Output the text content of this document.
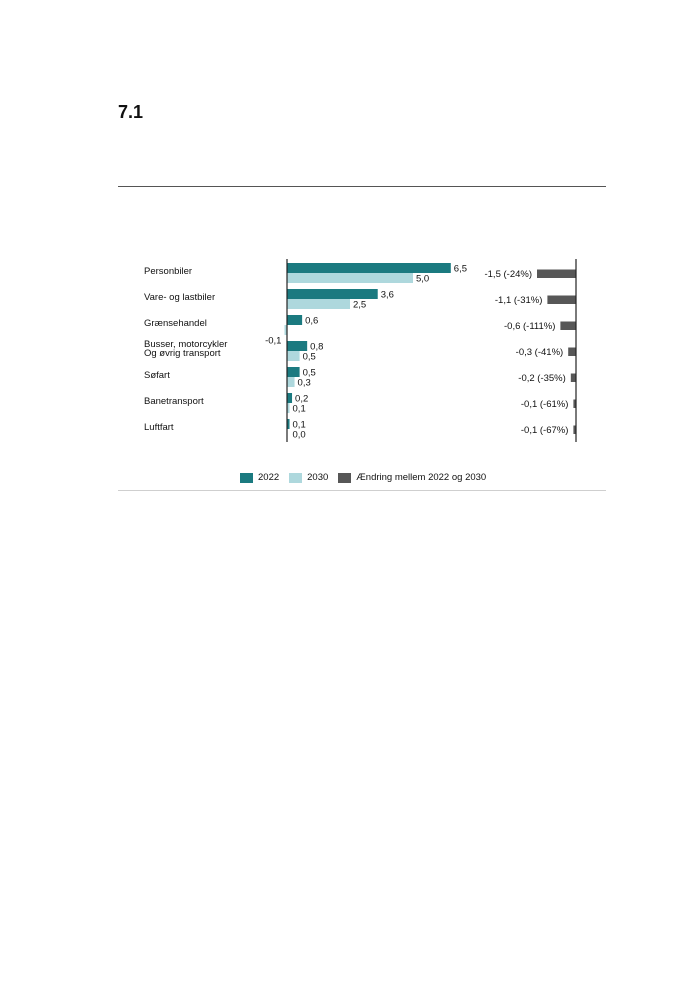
7.1
Personbiler
Vare- og lastbiler
Grænsehandel
Busser, motorcykler
Og øvrig transport
Søfart
Banetransport
Luftfart
6,5
5,0
3,6
2,5
0,6
-0,1
0,8
0,5
0,5
0,3
0,2
0,1
0,1
0,0
-1,5 (-24%)
-1,1 (-31%)
-0,6 (-111%)
-0,3 (-41%)
-0,2 (-35%)
-0,1 (-61%)
-0,1 (-67%)
2022	2030	Ændring mellem 2022 og 2030
